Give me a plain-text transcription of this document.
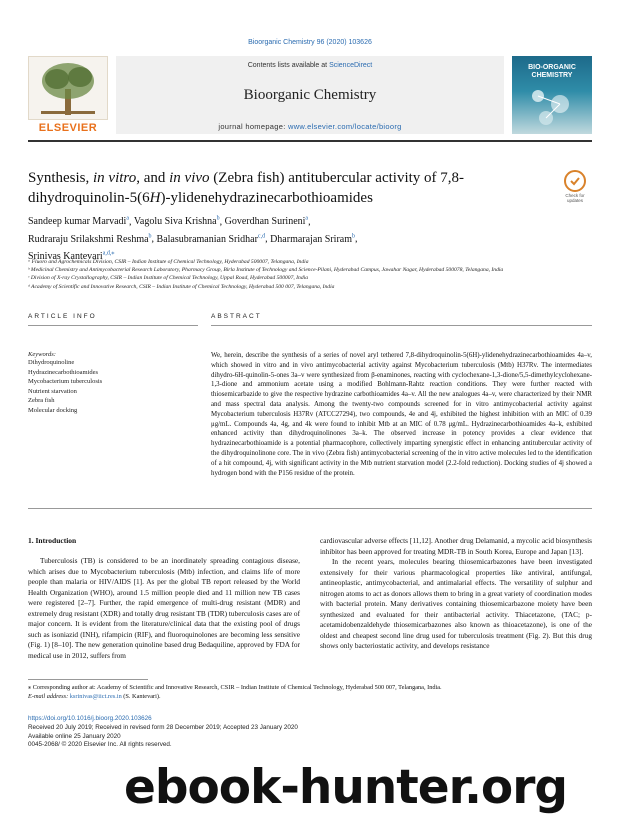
Bioorganic Chemistry 96 (2020) 103626
ELSEVIER
Contents lists available at ScienceDirect
Bioorganic Chemistry
journal homepage: www.elsevier.com/locate/bioorg
BIO-ORGANIC
CHEMISTRY
Synthesis, in vitro, and in vivo (Zebra fish) antitubercular activity of 7,8-dihydroquinolin-5(6H)-ylidenehydrazinecarbothioamides	Check for
updates
Sandeep kumar Marvadi$^a$, Vagolu Siva Krishna$^b$, Goverdhan Surineni$^a$,
Rudraraju Srilakshmi Reshma$^b$, Balasubramanian Sridhar$^{c,d}$, Dharmarajan Sriram$^b$,
Srinivas Kantevari$^{a,d,⁎}$
ᵃ Fluoro and Agrochemicals Division, CSIR – Indian Institute of Chemical Technology, Hyderabad 500007, Telangana, India
ᵇ Medicinal Chemistry and Antimycobacterial Research Laboratory, Pharmacy Group, Birla Institute of Technology and Science-Pilani, Hyderabad Campus, Jawahar Nagar, Hyderabad 500078, Telangana, India
ᶜ Division of X-ray Crystallography, CSIR – Indian Institute of Chemical Technology, Uppal Road, Hyderabad 500007, India
ᵈ Academy of Scientific and Innovative Research, CSIR – Indian Institute of Chemical Technology, Hyderabad 500 007, Telangana, India
ARTICLE INFO	ABSTRACT
Keywords:
Dihydroquinoline
Hydrazinecarbothioamides
Mycobacterium tuberculosis
Nutrient starvation
Zebra fish
Molecular docking
We, herein, describe the synthesis of a series of novel aryl tethered 7,8-dihydroquinolin-5(6H)-ylidenehydrazinecarbothioamides 4a–v, which showed in vitro and in vivo antimycobacterial activity against Mycobacterium tuberculosis (Mtb) H37Rv. The intermediates dihydro-6H-quinolin-5-ones 3a–v were synthesized from β-enaminones, reacting with cyclochexane-1,3-dione/5,5-dimethylcyclohexane-1,3-dione and ammonium acetate using a modified Bohlmann-Rahtz reaction conditions. They were further reacted with thiosemicarbazide to give the respective hydrazine carbothioamides 4a–v. All the new analogues 4a–v, were characterized by their NMR and mass spectral data analysis. Among the twenty-two compounds screened for in vitro antimycobacterial activity against Mycobacterium tuberculosis H37Rv (ATCC27294), two compounds, 4e and 4j, exhibited the highest inhibition with an MIC of 0.39 μg/mL. Compounds 4a, 4g, and 4k were found to inhibit Mtb at an MIC of 0.78 μg/mL. Hydrazinecarbothioamides 4a–k, exhibited enhanced activity than dihydroquinolinones 3a–k. The observed increase in potency provides a clear evidence that hydrazinecarbothioamide is a potential pharmacophore, collectively imparting synergistic effect in enhancing antitubercular activity of the dihydroquinolinone core. The in vivo (Zebra fish) antimycobacterial screening of the in vitro active molecules led to the identification of a hit compound, 4j, with significant activity in the Mtb nutrient starvation model (2.2-fold reduction). Docking studies of 4j showed a hydrogen bond with the P156 residue of the protein.
1. Introduction

Tuberculosis (TB) is considered to be an inordinately spreading contagious disease, which arises due to Mycobacterium tuberculosis (Mtb) infection, and claims life of more people than malaria or HIV/AIDS [1]. As per the global TB report released by the World Health Organization (WHO), around 1.5 million people died and 11 million new TB cases were registered [2–7]. Further, the rapid emergence of multi-drug resistant (MDR) and extremely drug resistant (XDR) and totally drug resistant TB (TDR) tuberculosis cases are of major concern. It is evident from the literature/clinical data that the existing pool of drugs such as isoniazid (INH), rifampicin (RIF), and fluoroquinolones are becoming less sensitive (Fig. 1) [8–10]. The new generation quinoline based drug Bedaquiline, approved by FDA for medical use in 2012, suffers from

cardiovascular adverse effects [11,12]. Another drug Delamanid, a mycolic acid biosynthesis inhibitor has been approved for treating MDR-TB in South Korea, Europe and Japan [13].

In the recent years, molecules bearing thiosemicarbazones have been investigated extensively for their various pharmacological properties like antiviral, antifungal, antineoplastic, antimycobacterial, and antimalarial effects. The versatility of sulphur and nitrogen atoms to act as donors allows them to bring in a great variety of coordination modes with bacterial protein. Many derivatives containing thiosemicarbazone moiety have been synthesized and evaluated for their antibacterial activity. Thiacetazone, (TAC; p-acetamidobenzaldehyde thiosemicarbazones also known as thioacetazone), is one of the oldest and cheapest second line drug used for tuberculosis treatment (Fig. 2). But this drug shows only bacteriostatic activity, and develops resistance

⁎ Corresponding author at: Academy of Scientific and Innovative Research, CSIR – Indian Institute of Chemical Technology, Hyderabad 500 007, Telangana, India.
E-mail address: ksrinivas@iict.res.in (S. Kantevari).
https://doi.org/10.1016/j.bioorg.2020.103626
Received 20 July 2019; Received in revised form 28 December 2019; Accepted 23 January 2020
Available online 25 January 2020
0045-2068/ © 2020 Elsevier Inc. All rights reserved.
ebook-hunter.org
